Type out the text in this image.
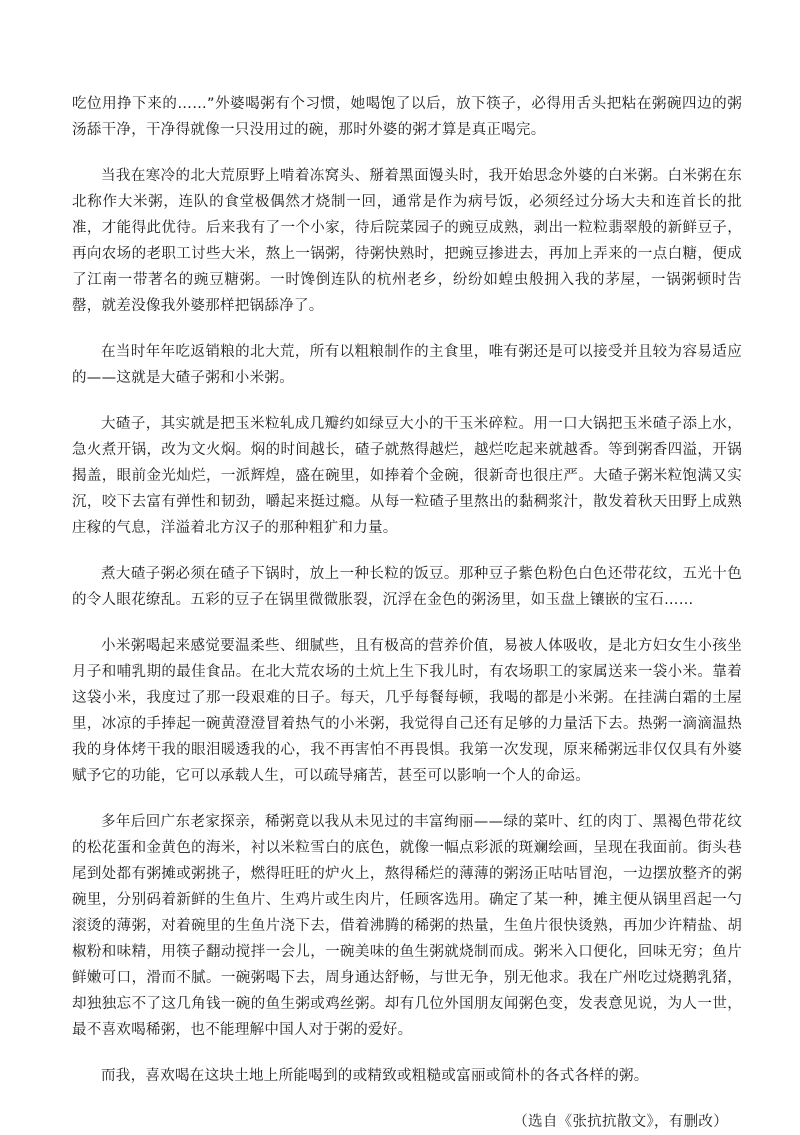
吃位用挣下来的……”外婆喝粥有个习惯，她喝饱了以后，放下筷子，必得用舌头把粘在粥碗四边的粥汤舔干净，干净得就像一只没用过的碗，那时外婆的粥才算是真正喝完。

当我在寒冷的北大荒原野上啃着冻窝头、掰着黑面馒头时，我开始思念外婆的白米粥。白米粥在东北称作大米粥，连队的食堂极偶然才烧制一回，通常是作为病号饭，必须经过分场大夫和连首长的批准，才能得此优待。后来我有了一个小家，待后院菜园子的豌豆成熟，剥出一粒粒翡翠般的新鲜豆子，再向农场的老职工讨些大米，熬上一锅粥，待粥快熟时，把豌豆掺进去，再加上弄来的一点白糖，便成了江南一带著名的豌豆糖粥。一时馋倒连队的杭州老乡，纷纷如蝗虫般拥入我的茅屋，一锅粥顿时告罄，就差没像我外婆那样把锅舔净了。

在当时年年吃返销粮的北大荒，所有以粗粮制作的主食里，唯有粥还是可以接受并且较为容易适应的——这就是大碴子粥和小米粥。

大碴子，其实就是把玉米粒轧成几瓣约如绿豆大小的干玉米碎粒。用一口大锅把玉米碴子添上水，急火煮开锅，改为文火焖。焖的时间越长，碴子就熬得越烂，越烂吃起来就越香。等到粥香四溢，开锅揭盖，眼前金光灿烂，一派辉煌，盛在碗里，如捧着个金碗，很新奇也很庄严。大碴子粥米粒饱满又实沉，咬下去富有弹性和韧劲，嚼起来挺过瘾。从每一粒碴子里熬出的黏稠浆汁，散发着秋天田野上成熟庄稼的气息，洋溢着北方汉子的那种粗犷和力量。

煮大碴子粥必须在碴子下锅时，放上一种长粒的饭豆。那种豆子紫色粉色白色还带花纹，五光十色的令人眼花缭乱。五彩的豆子在锅里微微胀裂，沉浮在金色的粥汤里，如玉盘上镶嵌的宝石……

小米粥喝起来感觉要温柔些、细腻些，且有极高的营养价值，易被人体吸收，是北方妇女生小孩坐月子和哺乳期的最佳食品。在北大荒农场的土炕上生下我儿时，有农场职工的家属送来一袋小米。靠着这袋小米，我度过了那一段艰难的日子。每天，几乎每餐每顿，我喝的都是小米粥。在挂满白霜的土屋里，冰凉的手捧起一碗黄澄澄冒着热气的小米粥，我觉得自己还有足够的力量活下去。热粥一滴滴温热我的身体烤干我的眼泪暖透我的心，我不再害怕不再畏惧。我第一次发现，原来稀粥远非仅仅具有外婆赋予它的功能，它可以承载人生，可以疏导痛苦，甚至可以影响一个人的命运。

多年后回广东老家探亲，稀粥竟以我从未见过的丰富绚丽——绿的菜叶、红的肉丁、黑褐色带花纹的松花蛋和金黄色的海米，衬以米粒雪白的底色，就像一幅点彩派的斑斓绘画，呈现在我面前。街头巷尾到处都有粥摊或粥挑子，燃得旺旺的炉火上，熬得稀烂的薄薄的粥汤正咕咕冒泡，一边摆放整齐的粥碗里，分别码着新鲜的生鱼片、生鸡片或生肉片，任顾客选用。确定了某一种，摊主便从锅里舀起一勺滚烫的薄粥，对着碗里的生鱼片浇下去，借着沸腾的稀粥的热量，生鱼片很快烫熟，再加少许精盐、胡椒粉和味精，用筷子翻动搅拌一会儿，一碗美味的鱼生粥就烧制而成。粥米入口便化，回味无穷；鱼片鲜嫩可口，滑而不腻。一碗粥喝下去，周身通达舒畅，与世无争，别无他求。我在广州吃过烧鹅乳猪，却独独忘不了这几角钱一碗的鱼生粥或鸡丝粥。却有几位外国朋友闻粥色变，发表意见说，为人一世，最不喜欢喝稀粥，也不能理解中国人对于粥的爱好。

而我，喜欢喝在这块土地上所能喝到的或精致或粗糙或富丽或简朴的各式各样的粥。

（选自《张抗抗散文》，有删改）
